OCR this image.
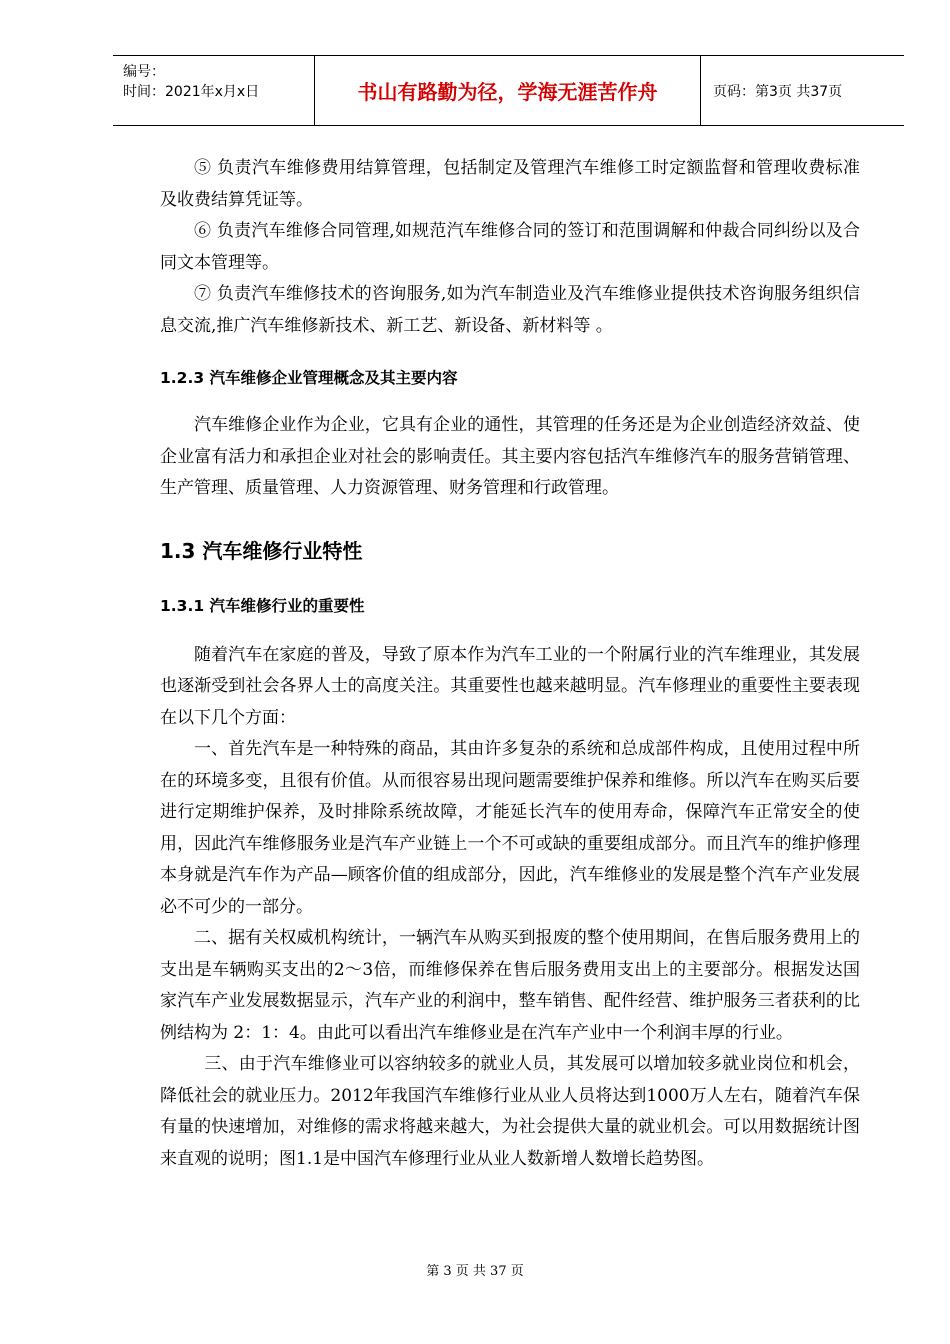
编号：
时间：2021年x月x日	书山有路勤为径，学海无涯苦作舟	页码：第3页 共37页

⑤ 负责汽车维修费用结算管理，包括制定及管理汽车维修工时定额监督和管理收费标准及收费结算凭证等。

⑥ 负责汽车维修合同管理,如规范汽车维修合同的签订和范围调解和仲裁合同纠纷以及合同文本管理等。

⑦ 负责汽车维修技术的咨询服务,如为汽车制造业及汽车维修业提供技术咨询服务组织信息交流,推广汽车维修新技术、新工艺、新设备、新材料等 。

1.2.3 汽车维修企业管理概念及其主要内容

汽车维修企业作为企业，它具有企业的通性，其管理的任务还是为企业创造经济效益、使企业富有活力和承担企业对社会的影响责任。其主要内容包括汽车维修汽车的服务营销管理、生产管理、质量管理、人力资源管理、财务管理和行政管理。

1.3 汽车维修行业特性
1.3.1 汽车维修行业的重要性

随着汽车在家庭的普及，导致了原本作为汽车工业的一个附属行业的汽车维理业，其发展也逐渐受到社会各界人士的高度关注。其重要性也越来越明显。汽车修理业的重要性主要表现在以下几个方面：

一、首先汽车是一种特殊的商品，其由许多复杂的系统和总成部件构成，且使用过程中所在的环境多变，且很有价值。从而很容易出现问题需要维护保养和维修。所以汽车在购买后要进行定期维护保养，及时排除系统故障，才能延长汽车的使用寿命，保障汽车正常安全的使用，因此汽车维修服务业是汽车产业链上一个不可或缺的重要组成部分。而且汽车的维护修理本身就是汽车作为产品—顾客价值的组成部分，因此，汽车维修业的发展是整个汽车产业发展必不可少的一部分。

二、据有关权威机构统计，一辆汽车从购买到报废的整个使用期间，在售后服务费用上的支出是车辆购买支出的2～3倍，而维修保养在售后服务费用支出上的主要部分。根据发达国家汽车产业发展数据显示，汽车产业的利润中，整车销售、配件经营、维护服务三者获利的比例结构为 2：1：4。由此可以看出汽车维修业是在汽车产业中一个利润丰厚的行业。

三、由于汽车维修业可以容纳较多的就业人员，其发展可以增加较多就业岗位和机会，降低社会的就业压力。2012年我国汽车维修行业从业人员将达到1000万人左右，随着汽车保有量的快速增加，对维修的需求将越来越大，为社会提供大量的就业机会。可以用数据统计图来直观的说明；图1.1是中国汽车修理行业从业人数新增人数增长趋势图。

第 3 页 共 37 页
